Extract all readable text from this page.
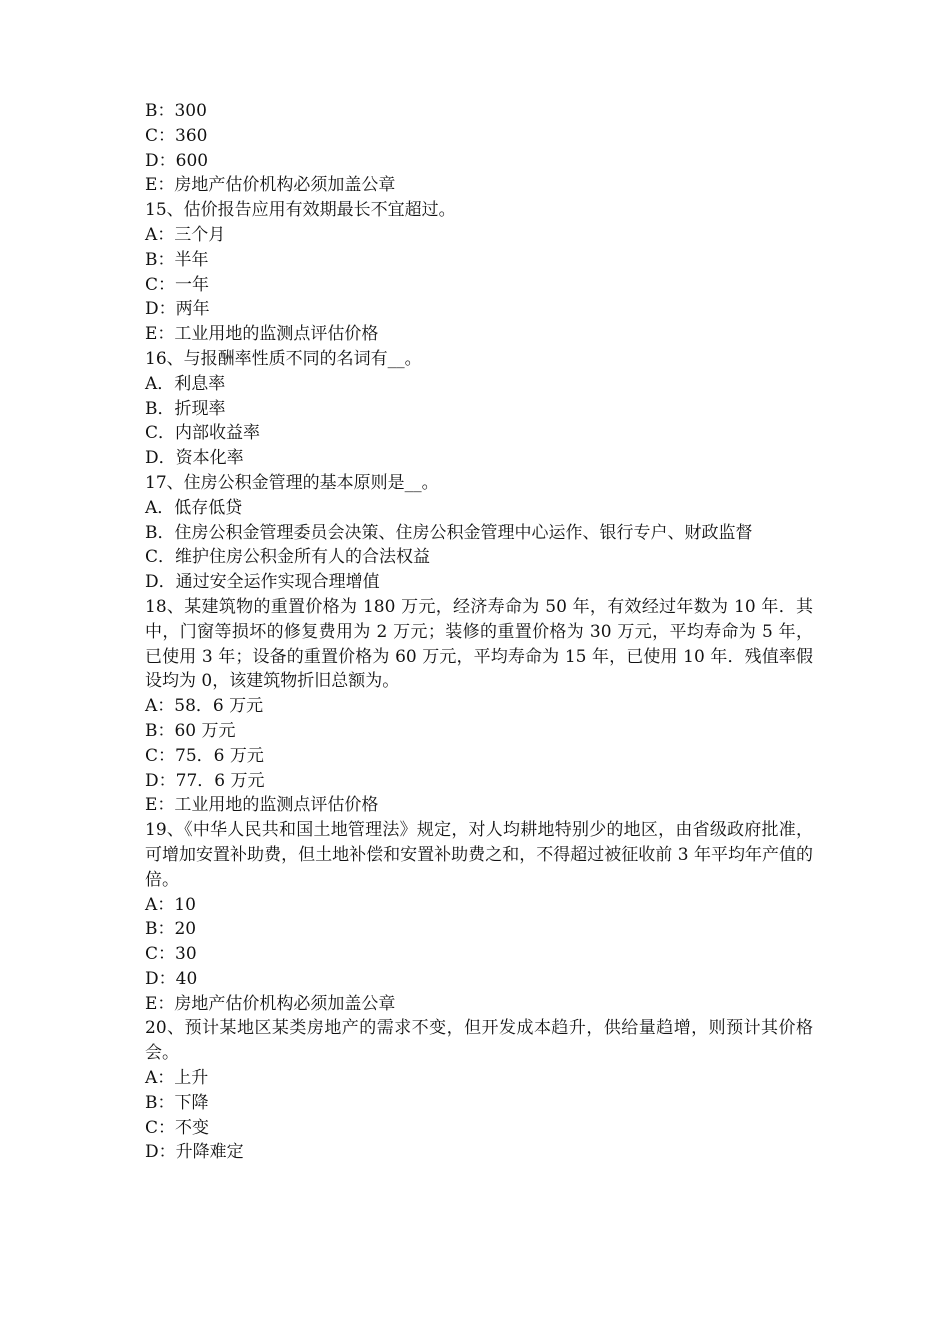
B：300

C：360

D：600

E：房地产估价机构必须加盖公章

15、估价报告应用有效期最长不宜超过。

A：三个月

B：半年

C：一年

D：两年

E：工业用地的监测点评估价格

16、与报酬率性质不同的名词有__。

A．利息率

B．折现率

C．内部收益率

D．资本化率

17、住房公积金管理的基本原则是__。

A．低存低贷

B．住房公积金管理委员会决策、住房公积金管理中心运作、银行专户、财政监督

C．维护住房公积金所有人的合法权益

D．通过安全运作实现合理增值

18、某建筑物的重置价格为 180 万元，经济寿命为 50 年，有效经过年数为 10 年．其中，门窗等损坏的修复费用为 2 万元；装修的重置价格为 30 万元，平均寿命为 5 年，已使用 3 年；设备的重置价格为 60 万元，平均寿命为 15 年，已使用 10 年．残值率假设均为 0，该建筑物折旧总额为。

A：58．6 万元

B：60 万元

C：75．6 万元

D：77．6 万元

E：工业用地的监测点评估价格

19、《中华人民共和国土地管理法》规定，对人均耕地特别少的地区，由省级政府批准，可增加安置补助费，但土地补偿和安置补助费之和，不得超过被征收前 3 年平均年产值的倍。

A：10

B：20

C：30

D：40

E：房地产估价机构必须加盖公章

20、预计某地区某类房地产的需求不变，但开发成本趋升，供给量趋增，则预计其价格会。

A：上升

B：下降

C：不变

D：升降难定
